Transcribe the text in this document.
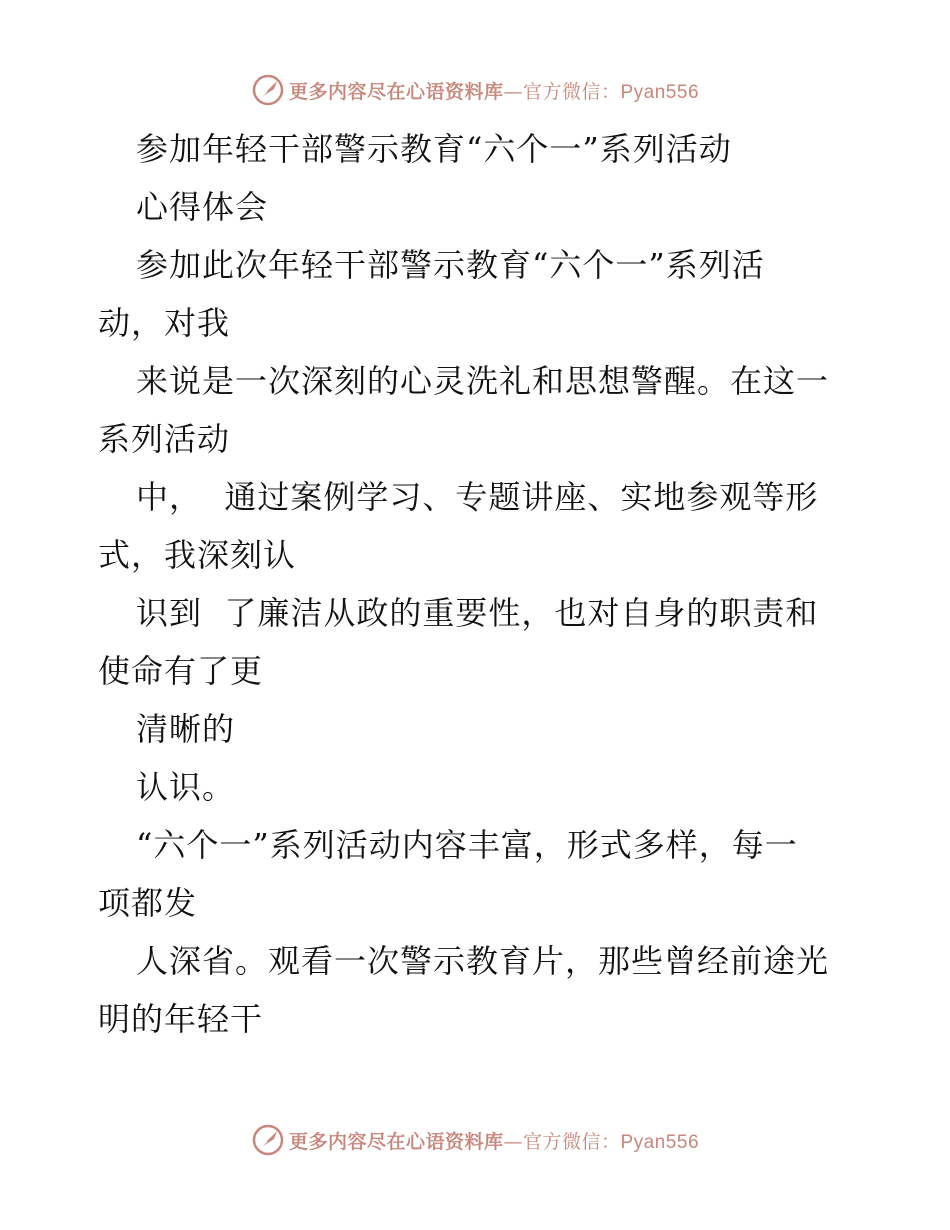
更多内容尽在心语资料库—官方微信：Pyan556
参加年轻干部警示教育“六个一”系列活动
心得体会
参加此次年轻干部警示教育“六个一”系列活
动，对我
来说是一次深刻的心灵洗礼和思想警醒。在这一
系列活动
中，  通过案例学习、专题讲座、实地参观等形
式，我深刻认
识到  了廉洁从政的重要性，也对自身的职责和
使命有了更
清晰的
认识。
“六个一”系列活动内容丰富，形式多样，每一
项都发
人深省。观看一次警示教育片，那些曾经前途光
明的年轻干
更多内容尽在心语资料库—官方微信：Pyan556
